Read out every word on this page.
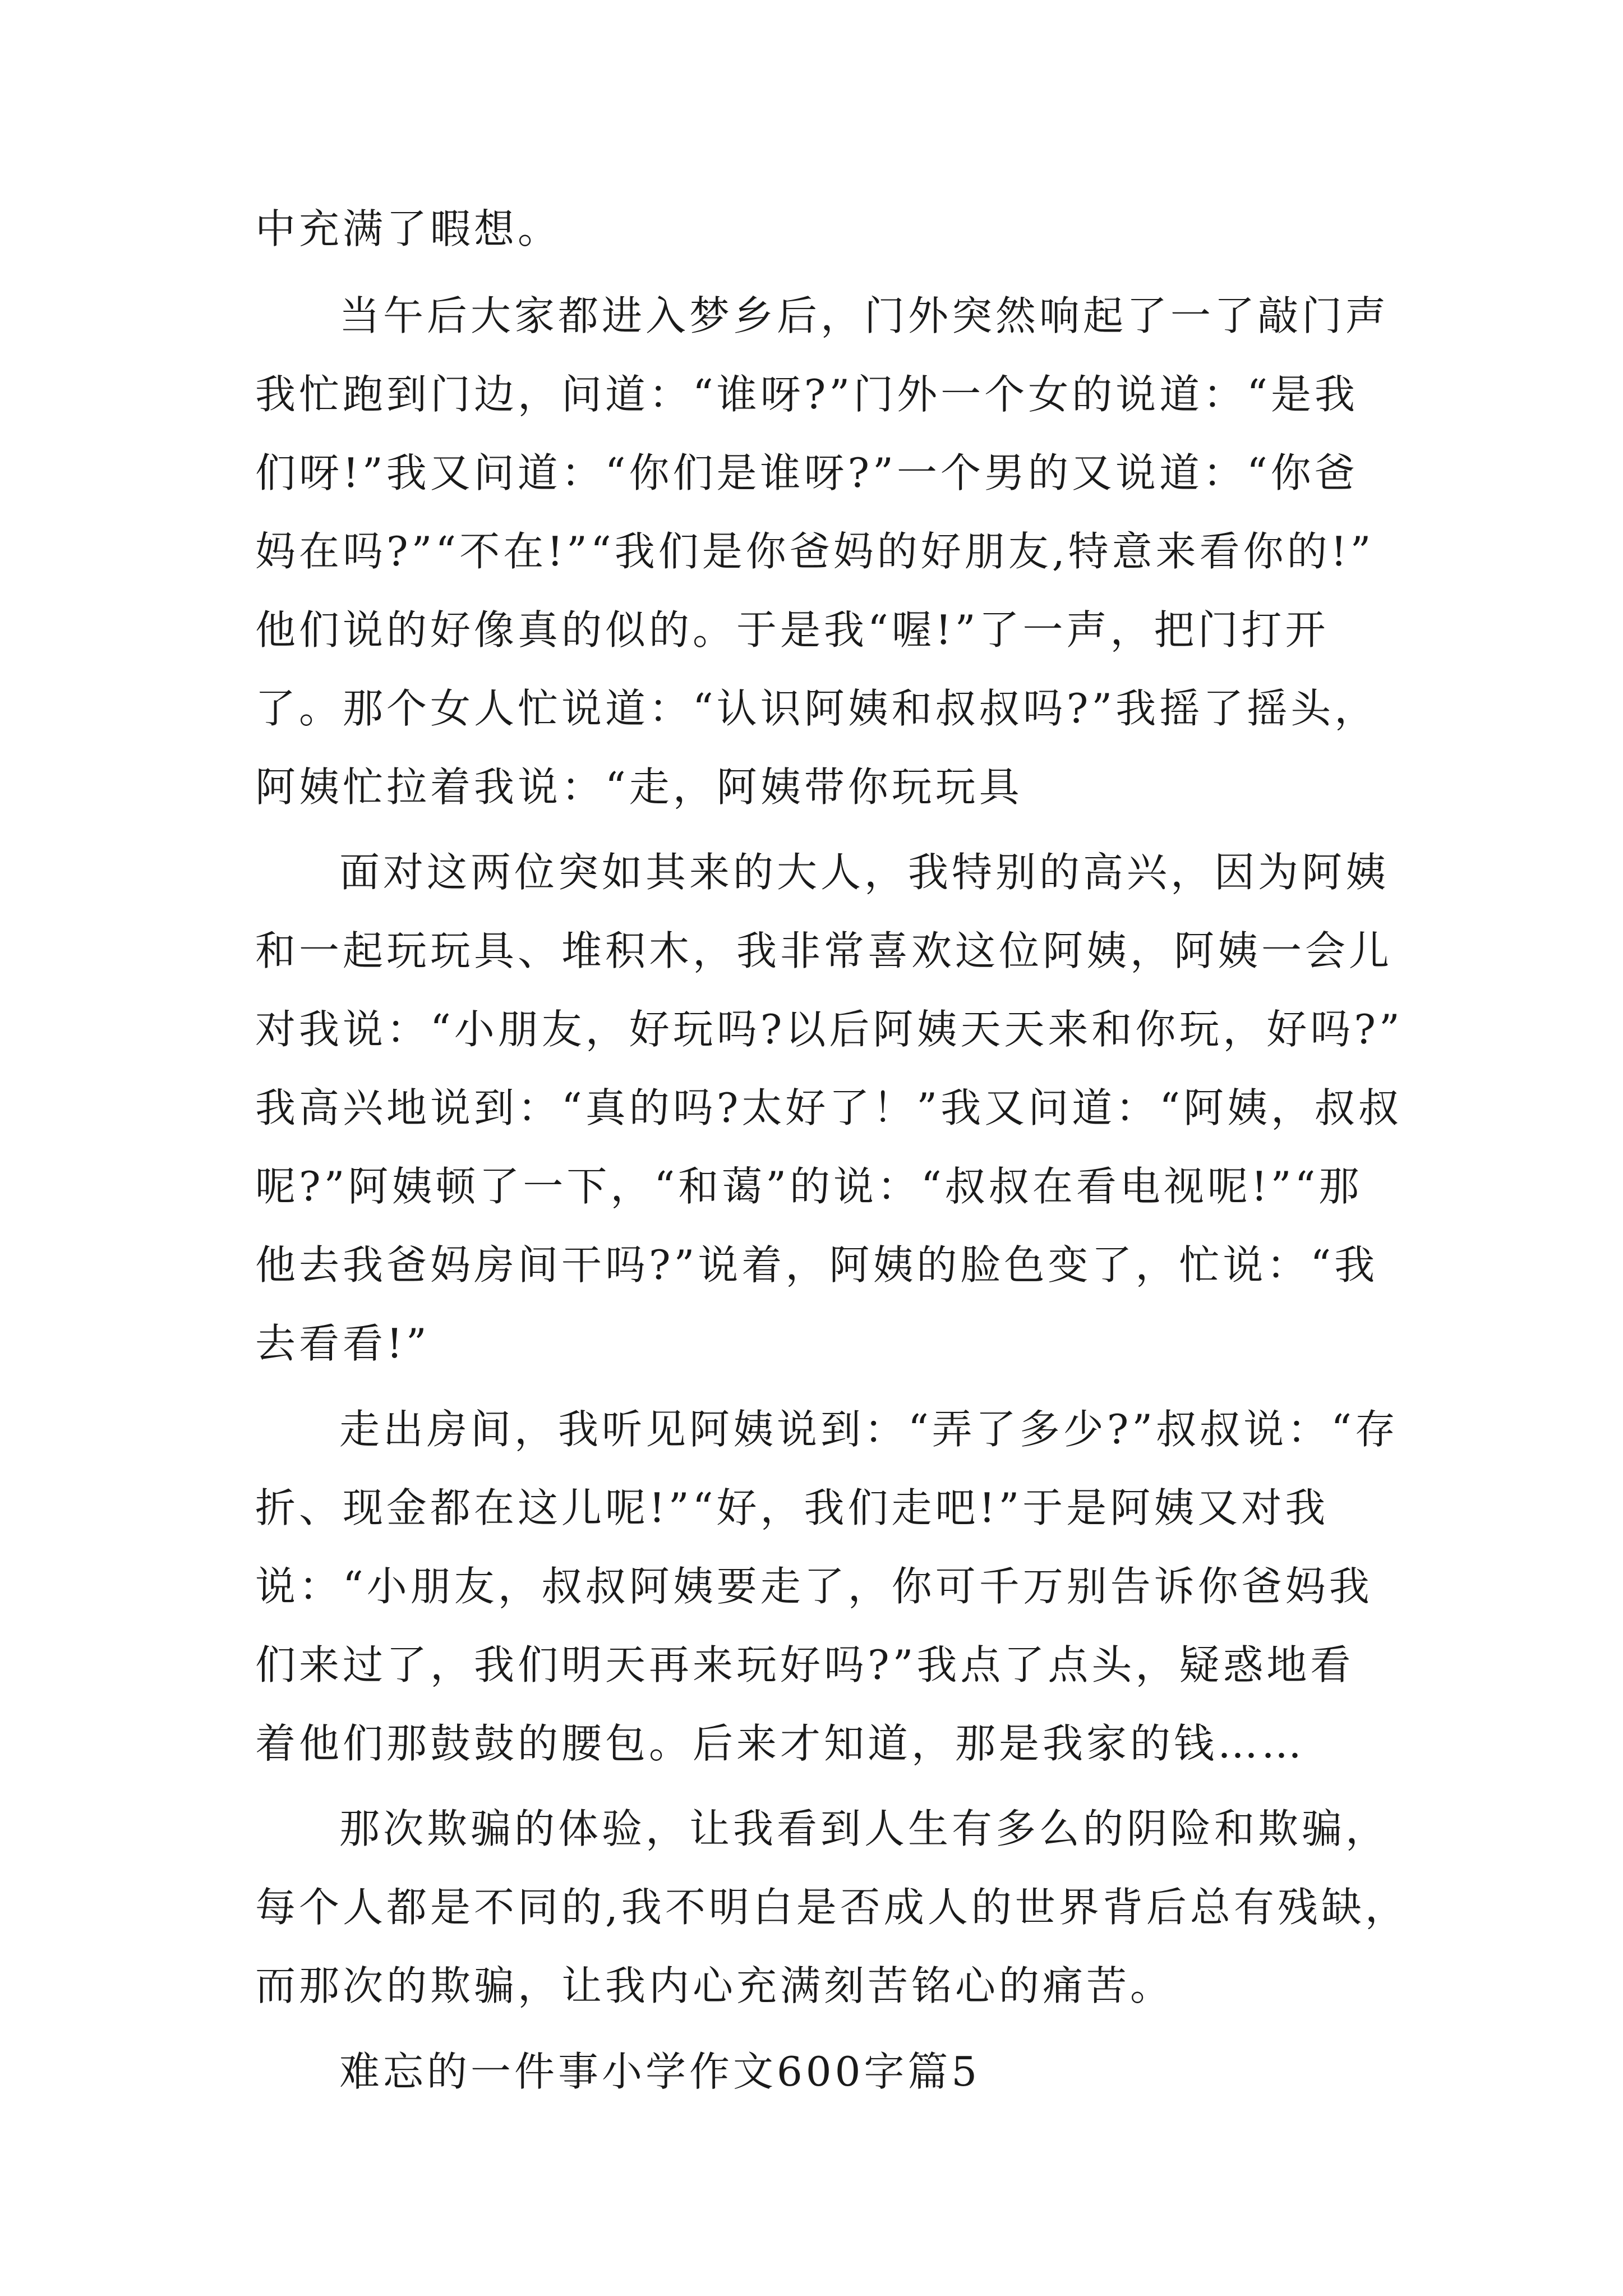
中充满了暇想。

当午后大家都进入梦乡后，门外突然响起了一了敲门声

我忙跑到门边，问道：“谁呀?”门外一个女的说道：“是我

们呀!”我又问道：“你们是谁呀?”一个男的又说道：“你爸

妈在吗?”“不在!”“我们是你爸妈的好朋友,特意来看你的!”

他们说的好像真的似的。于是我“喔!”了一声，把门打开

了。那个女人忙说道：“认识阿姨和叔叔吗?”我摇了摇头，

阿姨忙拉着我说：“走，阿姨带你玩玩具

面对这两位突如其来的大人，我特别的高兴，因为阿姨

和一起玩玩具、堆积木，我非常喜欢这位阿姨，阿姨一会儿

对我说：“小朋友，好玩吗?以后阿姨天天来和你玩，好吗?”

我高兴地说到：“真的吗?太好了！”我又问道：“阿姨，叔叔

呢?”阿姨顿了一下，“和蔼”的说：“叔叔在看电视呢!”“那

他去我爸妈房间干吗?”说着，阿姨的脸色变了，忙说：“我

去看看!”

走出房间，我听见阿姨说到：“弄了多少?”叔叔说：“存

折、现金都在这儿呢!”“好，我们走吧!”于是阿姨又对我

说：“小朋友，叔叔阿姨要走了，你可千万别告诉你爸妈我

们来过了，我们明天再来玩好吗?”我点了点头，疑惑地看

着他们那鼓鼓的腰包。后来才知道，那是我家的钱……

那次欺骗的体验，让我看到人生有多么的阴险和欺骗，

每个人都是不同的,我不明白是否成人的世界背后总有残缺，

而那次的欺骗，让我内心充满刻苦铭心的痛苦。

难忘的一件事小学作文600字篇5
